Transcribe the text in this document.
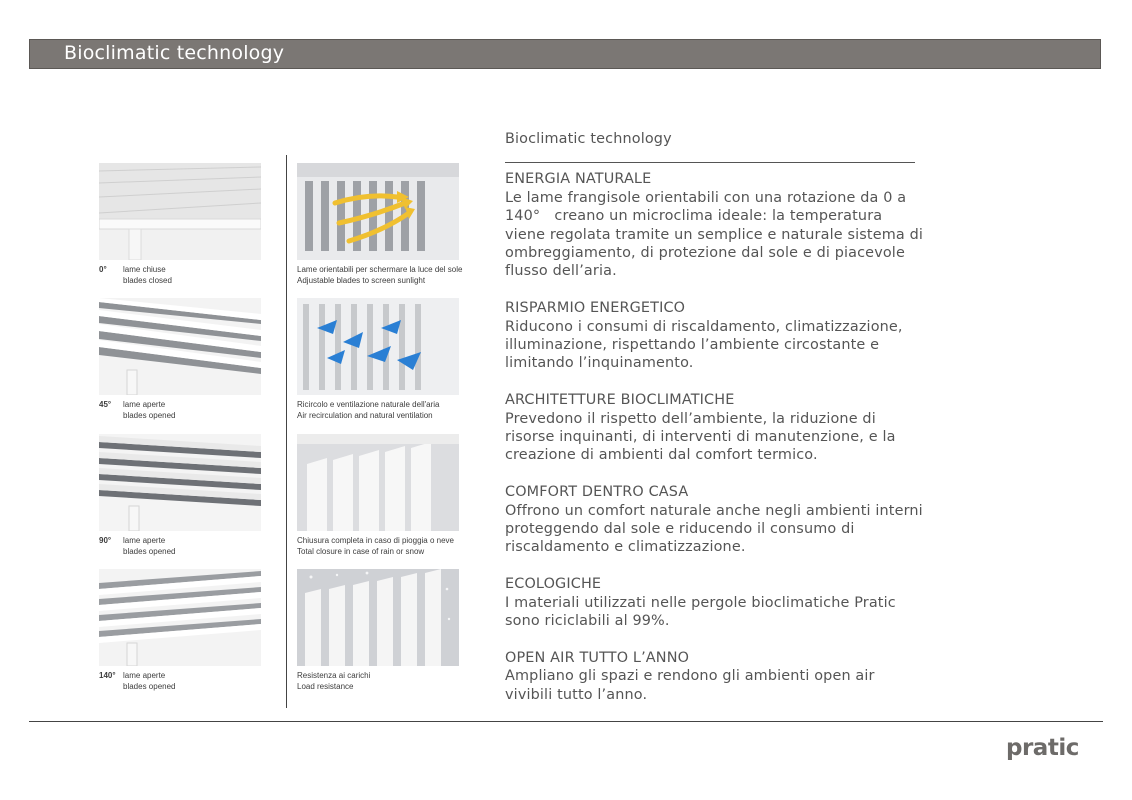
Bioclimatic technology
0° lame chiuse
blades closed
45° lame aperte
blades opened
90° lame aperte
blades opened
140° lame aperte
blades opened
Lame orientabili per schermare la luce del sole
Adjustable blades to screen sunlight
Ricircolo e ventilazione naturale dell'aria
Air recirculation and natural ventilation
Chiusura completa in caso di pioggia o neve
Total closure in case of rain or snow
Resistenza ai carichi
Load resistance

Bioclimatic technology

ENERGIA NATURALE

Le lame frangisole orientabili con una rotazione da 0 a 140°   creano un microclima ideale: la temperatura viene regolata tramite un semplice e naturale sistema di ombreggiamento, di protezione dal sole e di piacevole flusso dell’aria.

RISPARMIO ENERGETICO

Riducono i consumi di riscaldamento, climatizzazione, illuminazione, rispettando l’ambiente circostante e limitando l’inquinamento.

ARCHITETTURE BIOCLIMATICHE

Prevedono il rispetto dell’ambiente, la riduzione di risorse inquinanti, di interventi di manutenzione, e la creazione di ambienti dal comfort termico.

COMFORT DENTRO CASA

Offrono un comfort naturale anche negli ambienti interni proteggendo dal sole e riducendo il consumo di riscaldamento e climatizzazione.

ECOLOGICHE

I materiali utilizzati nelle pergole bioclimatiche Pratic sono riciclabili al 99%.

OPEN AIR TUTTO L’ANNO

Ampliano gli spazi e rendono gli ambienti open air vivibili tutto l’anno.

pratic
